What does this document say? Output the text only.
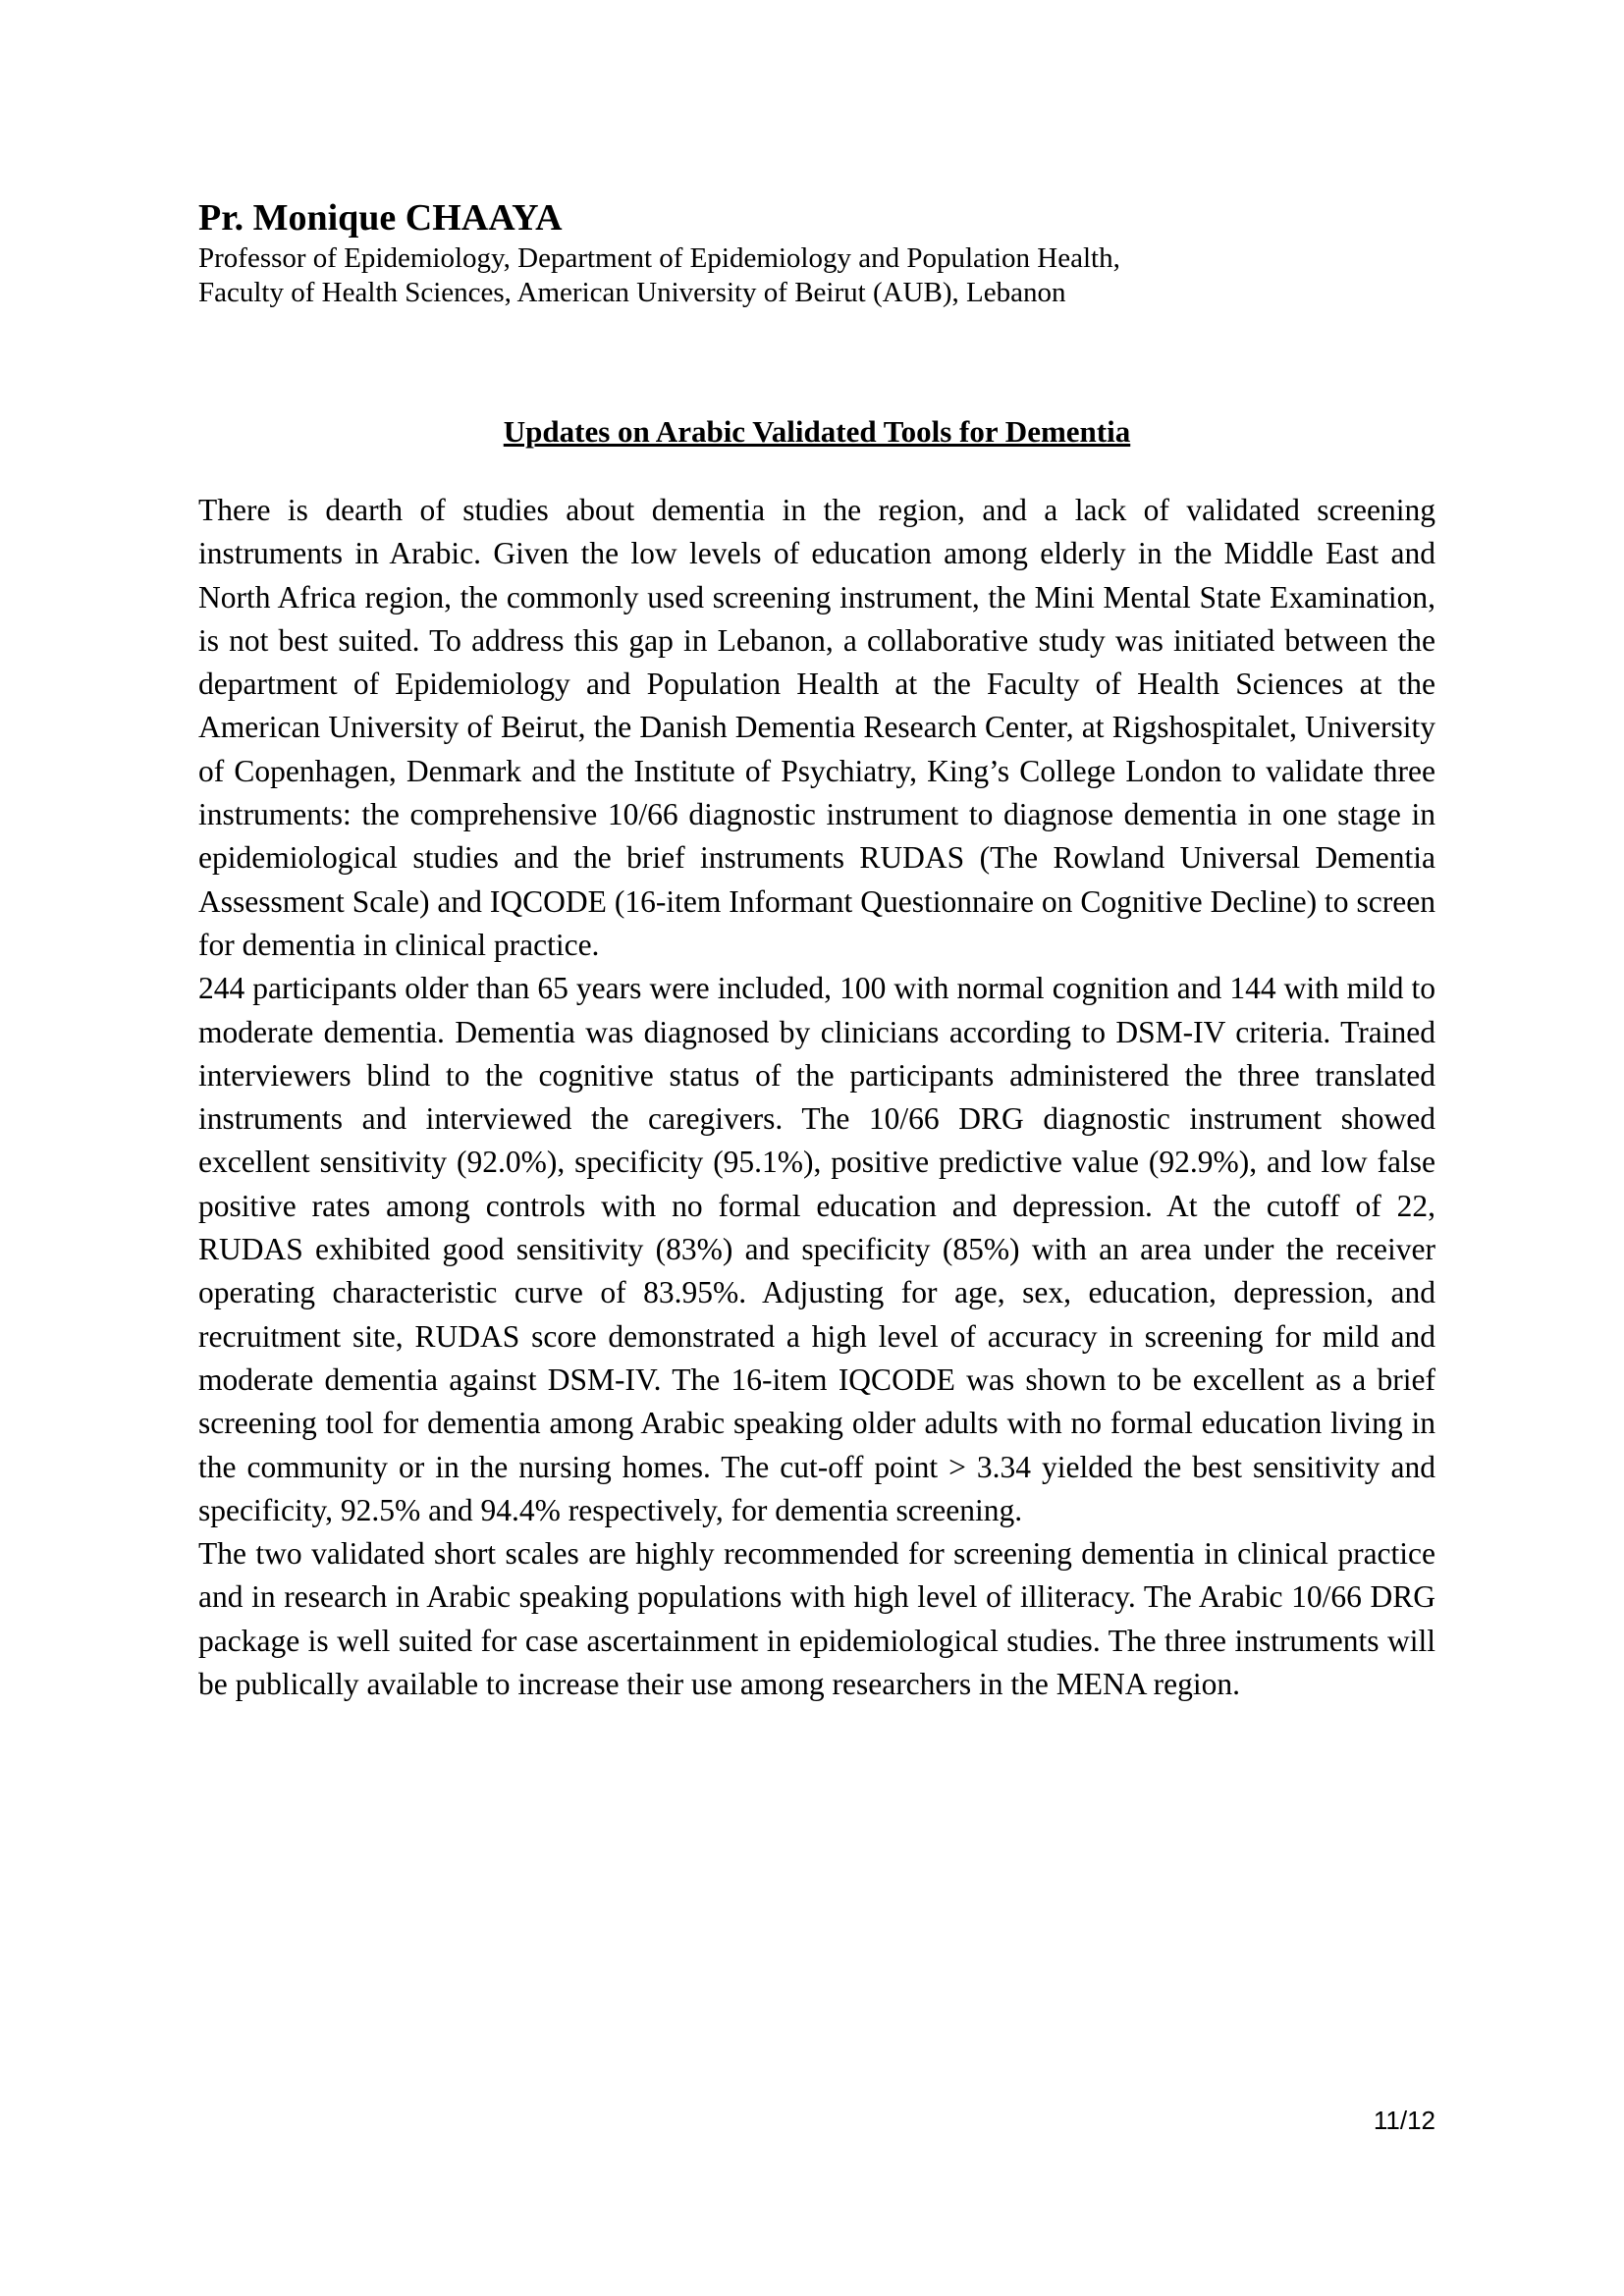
Pr. Monique CHAAYA

Professor of Epidemiology, Department of Epidemiology and Population Health,

Faculty of Health Sciences, American University of Beirut (AUB), Lebanon

Updates on Arabic Validated Tools for Dementia

There is dearth of studies about dementia in the region, and a lack of validated screening instruments in Arabic. Given the low levels of education among elderly in the Middle East and North Africa region, the commonly used screening instrument, the Mini Mental State Examination, is not best suited. To address this gap in Lebanon, a collaborative study was initiated between the department of Epidemiology and Population Health at the Faculty of Health Sciences at the American University of Beirut, the Danish Dementia Research Center, at Rigshospitalet, University of Copenhagen, Denmark and the Institute of Psychiatry, King’s College London to validate three instruments: the comprehensive 10/66 diagnostic instrument to diagnose dementia in one stage in epidemiological studies and the brief instruments RUDAS (The Rowland Universal Dementia Assessment Scale) and IQCODE (16-item Informant Questionnaire on Cognitive Decline) to screen for dementia in clinical practice.

244 participants older than 65 years were included, 100 with normal cognition and 144 with mild to moderate dementia. Dementia was diagnosed by clinicians according to DSM-IV criteria. Trained interviewers blind to the cognitive status of the participants administered the three translated instruments and interviewed the caregivers. The 10/66 DRG diagnostic instrument showed excellent sensitivity (92.0%), specificity (95.1%), positive predictive value (92.9%), and low false positive rates among controls with no formal education and depression. At the cutoff of 22, RUDAS exhibited good sensitivity (83%) and specificity (85%) with an area under the receiver operating characteristic curve of 83.95%. Adjusting for age, sex, education, depression, and recruitment site, RUDAS score demonstrated a high level of accuracy in screening for mild and moderate dementia against DSM-IV. The 16-item IQCODE was shown to be excellent as a brief screening tool for dementia among Arabic speaking older adults with no formal education living in the community or in the nursing homes. The cut-off point > 3.34 yielded the best sensitivity and specificity, 92.5% and 94.4% respectively, for dementia screening.

The two validated short scales are highly recommended for screening dementia in clinical practice and in research in Arabic speaking populations with high level of illiteracy. The Arabic 10/66 DRG package is well suited for case ascertainment in epidemiological studies. The three instruments will be publically available to increase their use among researchers in the MENA region.

11/12
